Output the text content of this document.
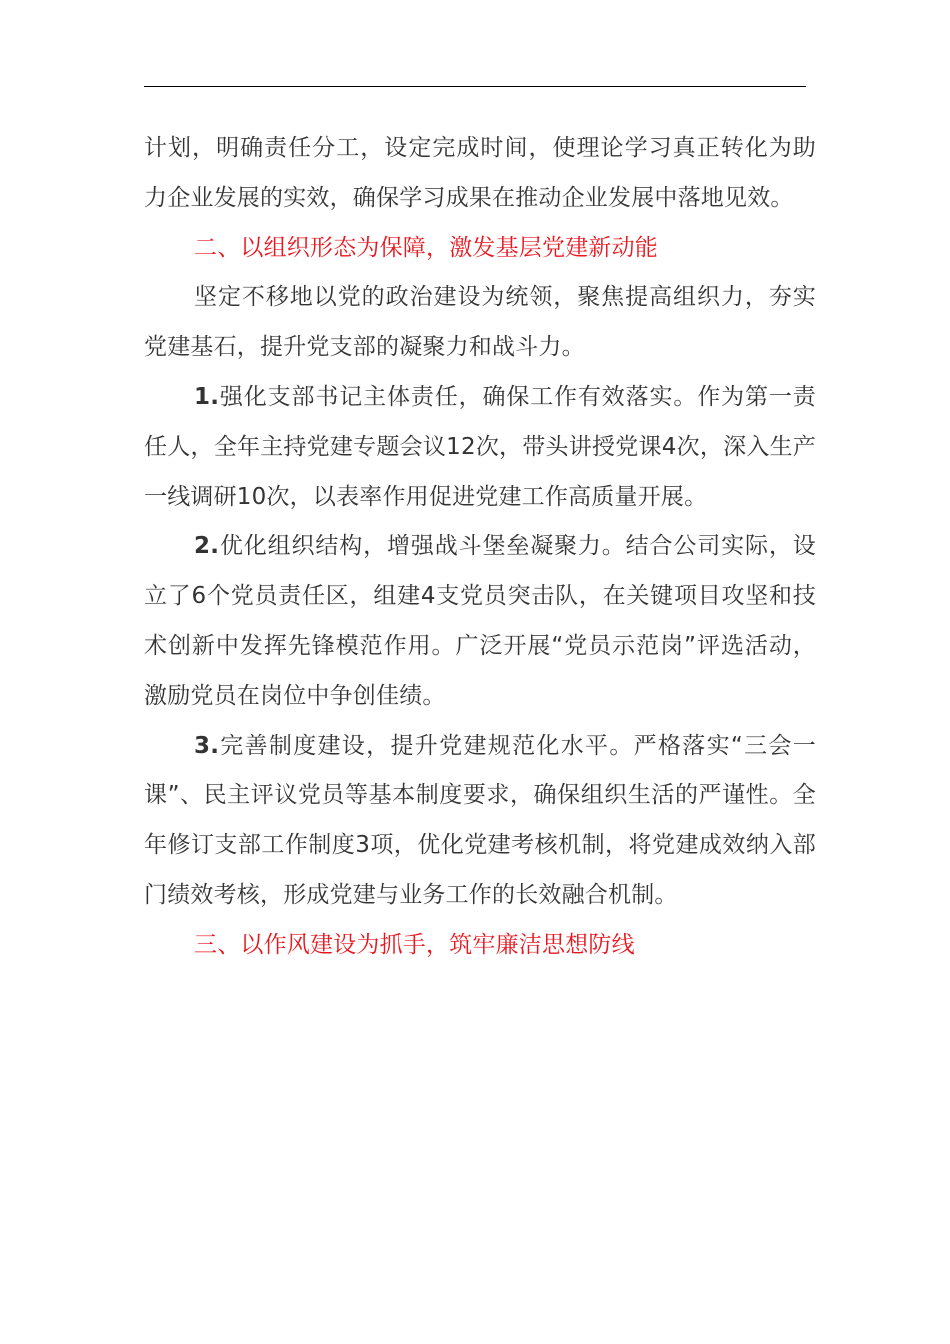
计划，明确责任分工，设定完成时间，使理论学习真正转化为助力企业发展的实效，确保学习成果在推动企业发展中落地见效。

二、以组织形态为保障，激发基层党建新动能

坚定不移地以党的政治建设为统领，聚焦提高组织力，夯实党建基石，提升党支部的凝聚力和战斗力。

1.强化支部书记主体责任，确保工作有效落实。作为第一责任人，全年主持党建专题会议12次，带头讲授党课4次，深入生产一线调研10次，以表率作用促进党建工作高质量开展。

2.优化组织结构，增强战斗堡垒凝聚力。结合公司实际，设立了6个党员责任区，组建4支党员突击队，在关键项目攻坚和技术创新中发挥先锋模范作用。广泛开展“党员示范岗”评选活动，激励党员在岗位中争创佳绩。

3.完善制度建设，提升党建规范化水平。严格落实“三会一课”、民主评议党员等基本制度要求，确保组织生活的严谨性。全年修订支部工作制度3项，优化党建考核机制，将党建成效纳入部门绩效考核，形成党建与业务工作的长效融合机制。

三、以作风建设为抓手，筑牢廉洁思想防线
